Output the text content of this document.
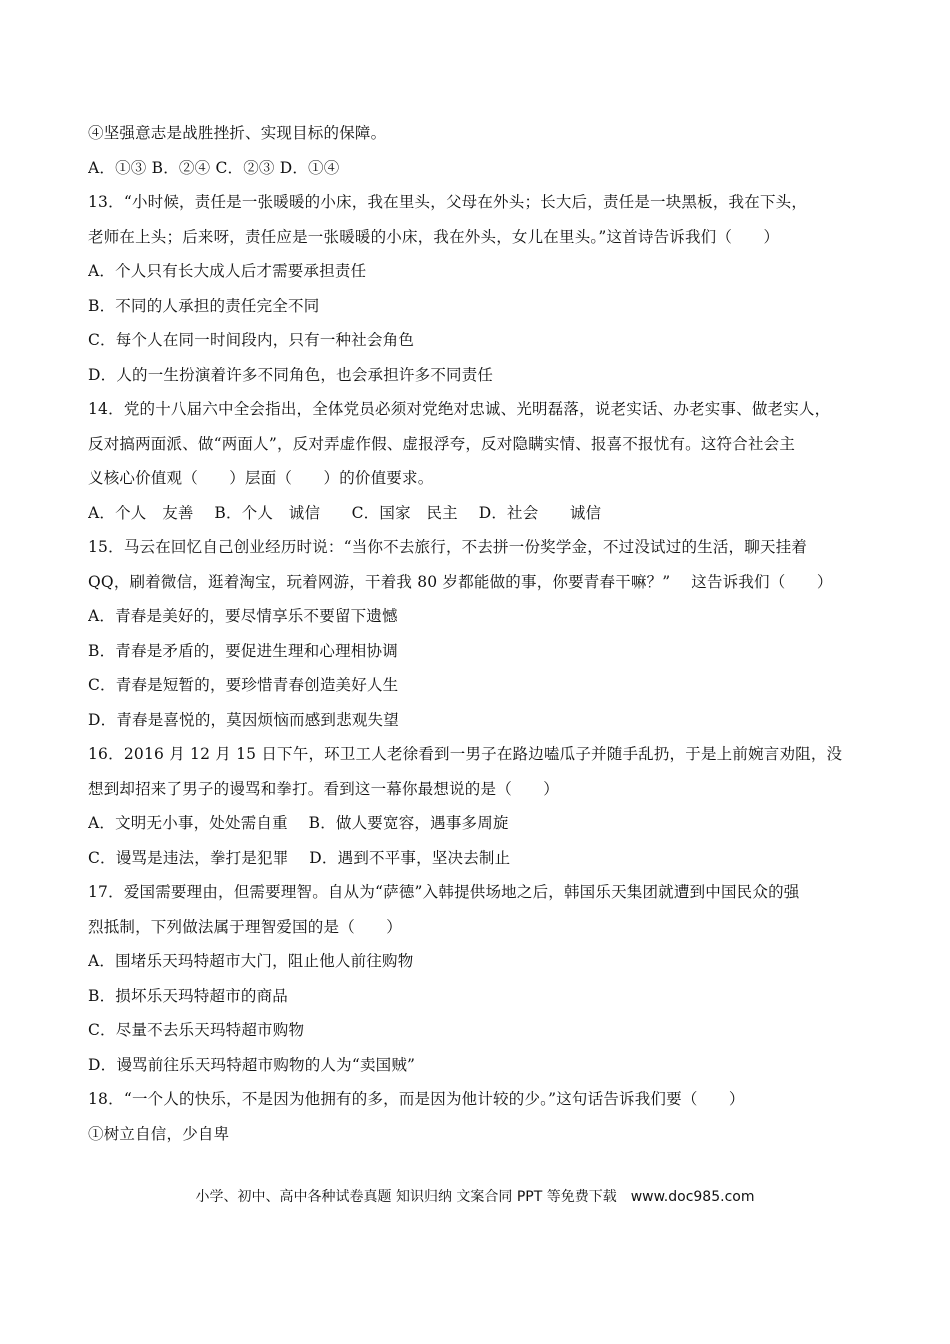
④坚强意志是战胜挫折、实现目标的保障。
A．①③ B．②④ C．②③ D．①④
13．“小时候，责任是一张暖暖的小床，我在里头，父母在外头；长大后，责任是一块黑板，我在下头，
老师在上头；后来呀，责任应是一张暖暖的小床，我在外头，女儿在里头。”这首诗告诉我们（　　）
A．个人只有长大成人后才需要承担责任
B．不同的人承担的责任完全不同
C．每个人在同一时间段内，只有一种社会角色
D．人的一生扮演着许多不同角色，也会承担许多不同责任
14．党的十八届六中全会指出，全体党员必须对党绝对忠诚、光明磊落，说老实话、办老实事、做老实人，
反对搞两面派、做“两面人”，反对弄虚作假、虚报浮夸，反对隐瞒实情、报喜不报忧有。这符合社会主
义核心价值观（　　）层面（　　）的价值要求。
A．个人　友善　 B．个人　诚信　　C．国家　民主　 D．社会　　诚信
15．马云在回忆自己创业经历时说：“当你不去旅行，不去拼一份奖学金，不过没试过的生活，聊天挂着
QQ，刷着微信，逛着淘宝，玩着网游，干着我 80 岁都能做的事，你要青春干嘛？”　 这告诉我们（　　）
A．青春是美好的，要尽情享乐不要留下遗憾
B．青春是矛盾的，要促进生理和心理相协调
C．青春是短暂的，要珍惜青春创造美好人生
D．青春是喜悦的，莫因烦恼而感到悲观失望
16．2016 月 12 月 15 日下午，环卫工人老徐看到一男子在路边嗑瓜子并随手乱扔，于是上前婉言劝阻，没
想到却招来了男子的谩骂和拳打。看到这一幕你最想说的是（　　）
A．文明无小事，处处需自重　 B．做人要宽容，遇事多周旋
C．谩骂是违法，拳打是犯罪　 D．遇到不平事，坚决去制止
17．爱国需要理由，但需要理智。自从为“萨德”入韩提供场地之后，韩国乐天集团就遭到中国民众的强
烈抵制，下列做法属于理智爱国的是（　　）
A．围堵乐天玛特超市大门，阻止他人前往购物
B．损坏乐天玛特超市的商品
C．尽量不去乐天玛特超市购物
D．谩骂前往乐天玛特超市购物的人为“卖国贼”
18．“一个人的快乐，不是因为他拥有的多，而是因为他计较的少。”这句话告诉我们要（　　）
①树立自信，少自卑
小学、初中、高中各种试卷真题 知识归纳 文案合同 PPT 等免费下载　www.doc985.com
